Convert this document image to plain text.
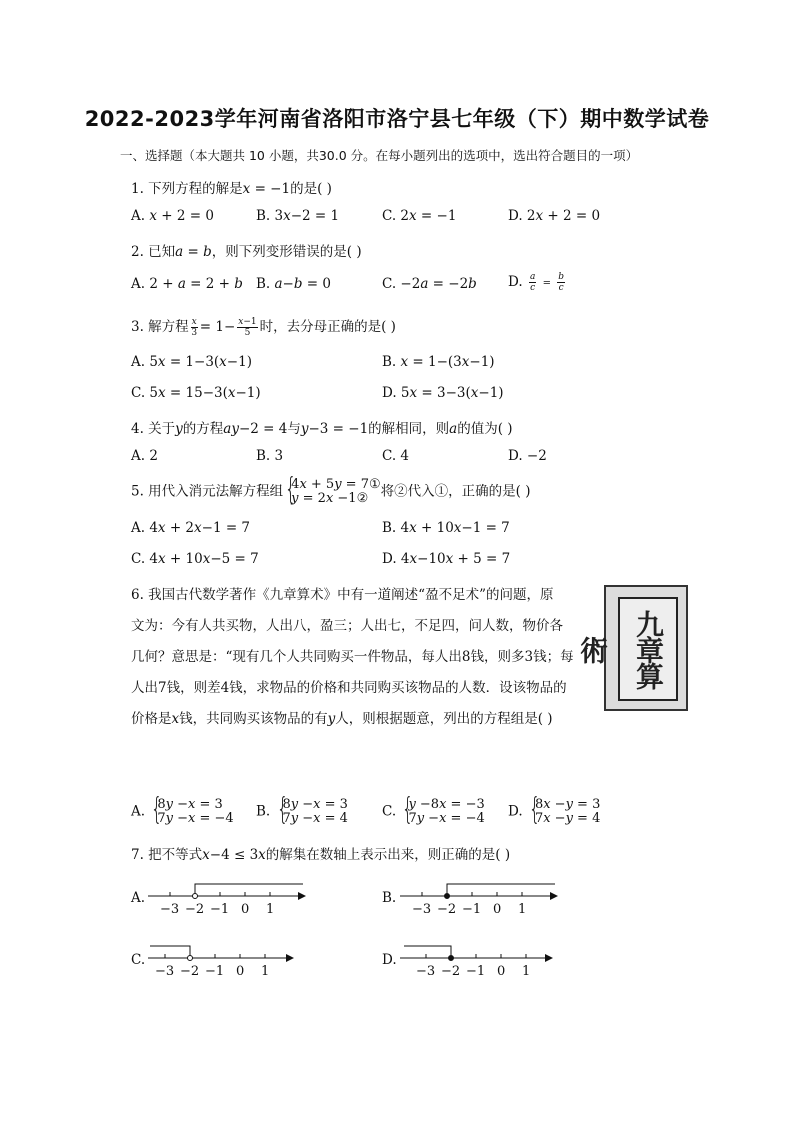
2022-2023学年河南省洛阳市洛宁县七年级（下）期中数学试卷
一、选择题（本大题共 10 小题，共30.0 分。在每小题列出的选项中，选出符合题目的一项）
1. 下列方程的解是𝑥 = −1的是( )
A. 𝑥 + 2 = 0	B. 3𝑥−2 = 1	C. 2𝑥 = −1	D. 2𝑥 + 2 = 0
2. 已知𝑎 = 𝑏，则下列变形错误的是( )
A. 2 + 𝑎 = 2 + 𝑏 B. 𝑎−𝑏 = 0	C. −2𝑎 = −2𝑏 D. $\frac{\text{𝑎}}{\text{𝑐}} = \frac{\text{𝑏}}{\text{𝑐}}$
3. 解方程 $\frac{\text{𝑥}}{3} = 1- \frac{\text{𝑥−1}}{5}$ 时，去分母正确的是( )
A. 5𝑥 = 1−3(𝑥−1)	B. 𝑥 = 1−(3𝑥−1)
C. 5𝑥 = 15−3(𝑥−1)	D. 5𝑥 = 3−3(𝑥−1)
4. 关于𝑦的方程𝑎𝑦−2 = 4与𝑦−3 = −1的解相同，则𝑎的值为( )
A. 2	B. 3	C. 4	D. −2
5. 用代入消元法解方程组 { 4𝑥 + 5𝑦 = 7①
𝑦 = 2𝑥 −1② 将②代入①，正确的是( )
A. 4𝑥 + 2𝑥−1 = 7	B. 4𝑥 + 10𝑥−1 = 7
C. 4𝑥 + 10𝑥−5 = 7	D. 4𝑥−10𝑥 + 5 = 7
6. 我国古代数学著作《九章算术》中有一道阐述“盈不足术”的问题，原
文为：今有人共买物，人出八，盈三；人出七，不足四，问人数，物价各
几何？意思是：“现有几个人共同购买一件物品，每人出8钱，则多3钱；每
人出7钱，则差4钱，求物品的价格和共同购买该物品的人数．设该物品的
价格是𝑥钱，共同购买该物品的有𝑦人，则根据题意，列出的方程组是( )
九章算術
A. { 8𝑦 −𝑥 = 3
7𝑦 −𝑥 = −4 B. { 8𝑦 −𝑥 = 3
7𝑦 −𝑥 = 4	C. { 𝑦 −8𝑥 = −3
7𝑦 −𝑥 = −4 D. { 8𝑥 −𝑦 = 3
7𝑥 −𝑦 = 4
7. 把不等式𝑥−4 ≤ 3𝑥的解集在数轴上表示出来，则正确的是( )
A.	B.
C.	D.
−3 −2 −1 0 1	−3 −2 −1 0 1
−3 −2 −1 0 1	−3 −2 −1 0 1
